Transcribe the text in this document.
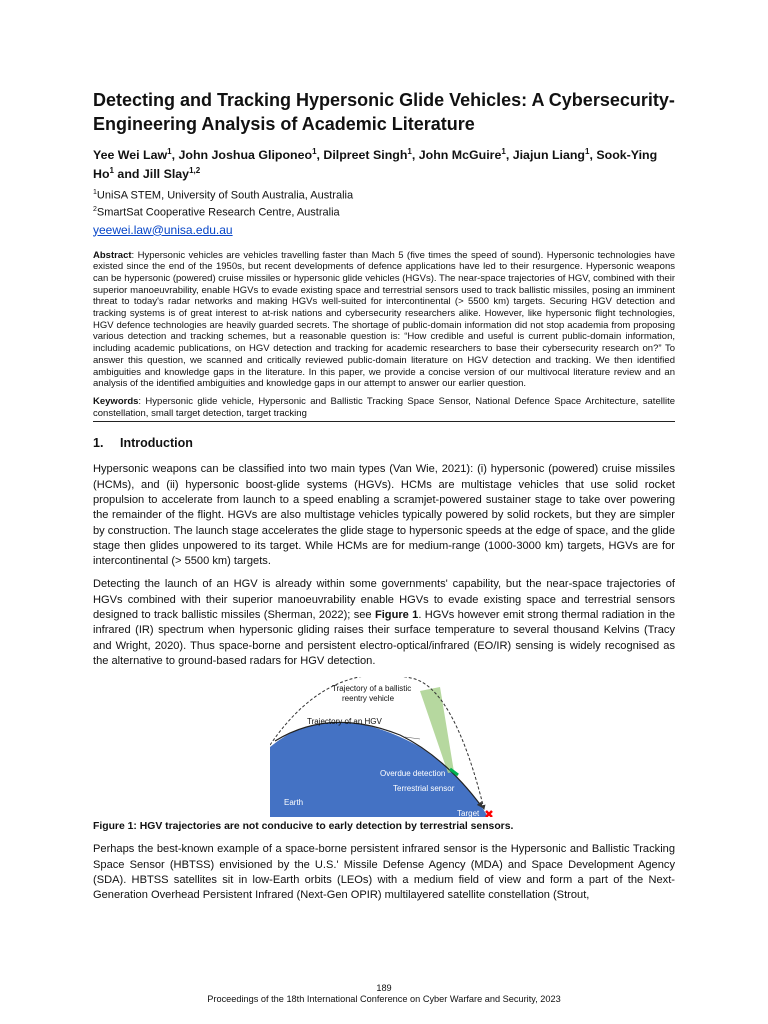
Detecting and Tracking Hypersonic Glide Vehicles: A Cybersecurity-Engineering Analysis of Academic Literature
Yee Wei Law$^1$, John Joshua Gliponeo$^1$, Dilpreet Singh$^1$, John McGuire$^1$, Jiajun Liang$^1$, Sook-Ying Ho$^1$ and Jill Slay$^{1,2}$
$^1$UniSA STEM, University of South Australia, Australia
$^2$SmartSat Cooperative Research Centre, Australia
yeewei.law@unisa.edu.au

Abstract: Hypersonic vehicles are vehicles travelling faster than Mach 5 (five times the speed of sound). Hypersonic technologies have existed since the end of the 1950s, but recent developments of defence applications have led to their resurgence. Hypersonic weapons can be hypersonic (powered) cruise missiles or hypersonic glide vehicles (HGVs). The near-space trajectories of HGV, combined with their superior manoeuvrability, enable HGVs to evade existing space and terrestrial sensors used to track ballistic missiles, posing an imminent threat to today's radar networks and making HGVs well-suited for intercontinental (> 5500 km) targets. Securing HGV detection and tracking systems is of great interest to at-risk nations and cybersecurity researchers alike. However, like hypersonic flight technologies, HGV defence technologies are heavily guarded secrets. The shortage of public-domain information did not stop academia from proposing various detection and tracking schemes, but a reasonable question is: “How credible and useful is current public-domain information, including academic publications, on HGV detection and tracking for academic researchers to base their cybersecurity research on?” To answer this question, we scanned and critically reviewed public-domain literature on HGV detection and tracking. We then identified ambiguities and knowledge gaps in the literature. In this paper, we provide a concise version of our multivocal literature review and an analysis of the identified ambiguities and knowledge gaps in our attempt to answer our earlier question.

Keywords: Hypersonic glide vehicle, Hypersonic and Ballistic Tracking Space Sensor, National Defence Space Architecture, satellite constellation, small target detection, target tracking

1. Introduction

Hypersonic weapons can be classified into two main types (Van Wie, 2021): (i) hypersonic (powered) cruise missiles (HCMs), and (ii) hypersonic boost-glide systems (HGVs). HCMs are multistage vehicles that use solid rocket propulsion to accelerate from launch to a speed enabling a scramjet-powered sustainer stage to take over powering the remainder of the flight. HGVs are also multistage vehicles typically powered by solid rockets, but they are simpler by construction. The launch stage accelerates the glide stage to hypersonic speeds at the edge of space, and the glide stage then glides unpowered to its target. While HCMs are for medium-range (1000-3000 km) targets, HGVs are for intercontinental (> 5500 km) targets.

Detecting the launch of an HGV is already within some governments' capability, but the near-space trajectories of HGVs combined with their superior manoeuvrability enable HGVs to evade existing space and terrestrial sensors designed to track ballistic missiles (Sherman, 2022); see Figure 1. HGVs however emit strong thermal radiation in the infrared (IR) spectrum when hypersonic gliding raises their surface temperature to several thousand Kelvins (Tracy and Wright, 2020). Thus space-borne and persistent electro-optical/infrared (EO/IR) sensing is widely recognised as the alternative to ground-based radars for HGV detection.

Trajectory of a ballistic
reentry vehicle
Trajectory of an HGV
Overdue detection
Terrestrial sensor
Earth
Target
Figure 1: HGV trajectories are not conducive to early detection by terrestrial sensors.

Perhaps the best-known example of a space-borne persistent infrared sensor is the Hypersonic and Ballistic Tracking Space Sensor (HBTSS) envisioned by the U.S.' Missile Defense Agency (MDA) and Space Development Agency (SDA). HBTSS satellites sit in low-Earth orbits (LEOs) with a medium field of view and form a part of the Next-Generation Overhead Persistent Infrared (Next-Gen OPIR) multilayered satellite constellation (Strout,

189
Proceedings of the 18th International Conference on Cyber Warfare and Security, 2023
